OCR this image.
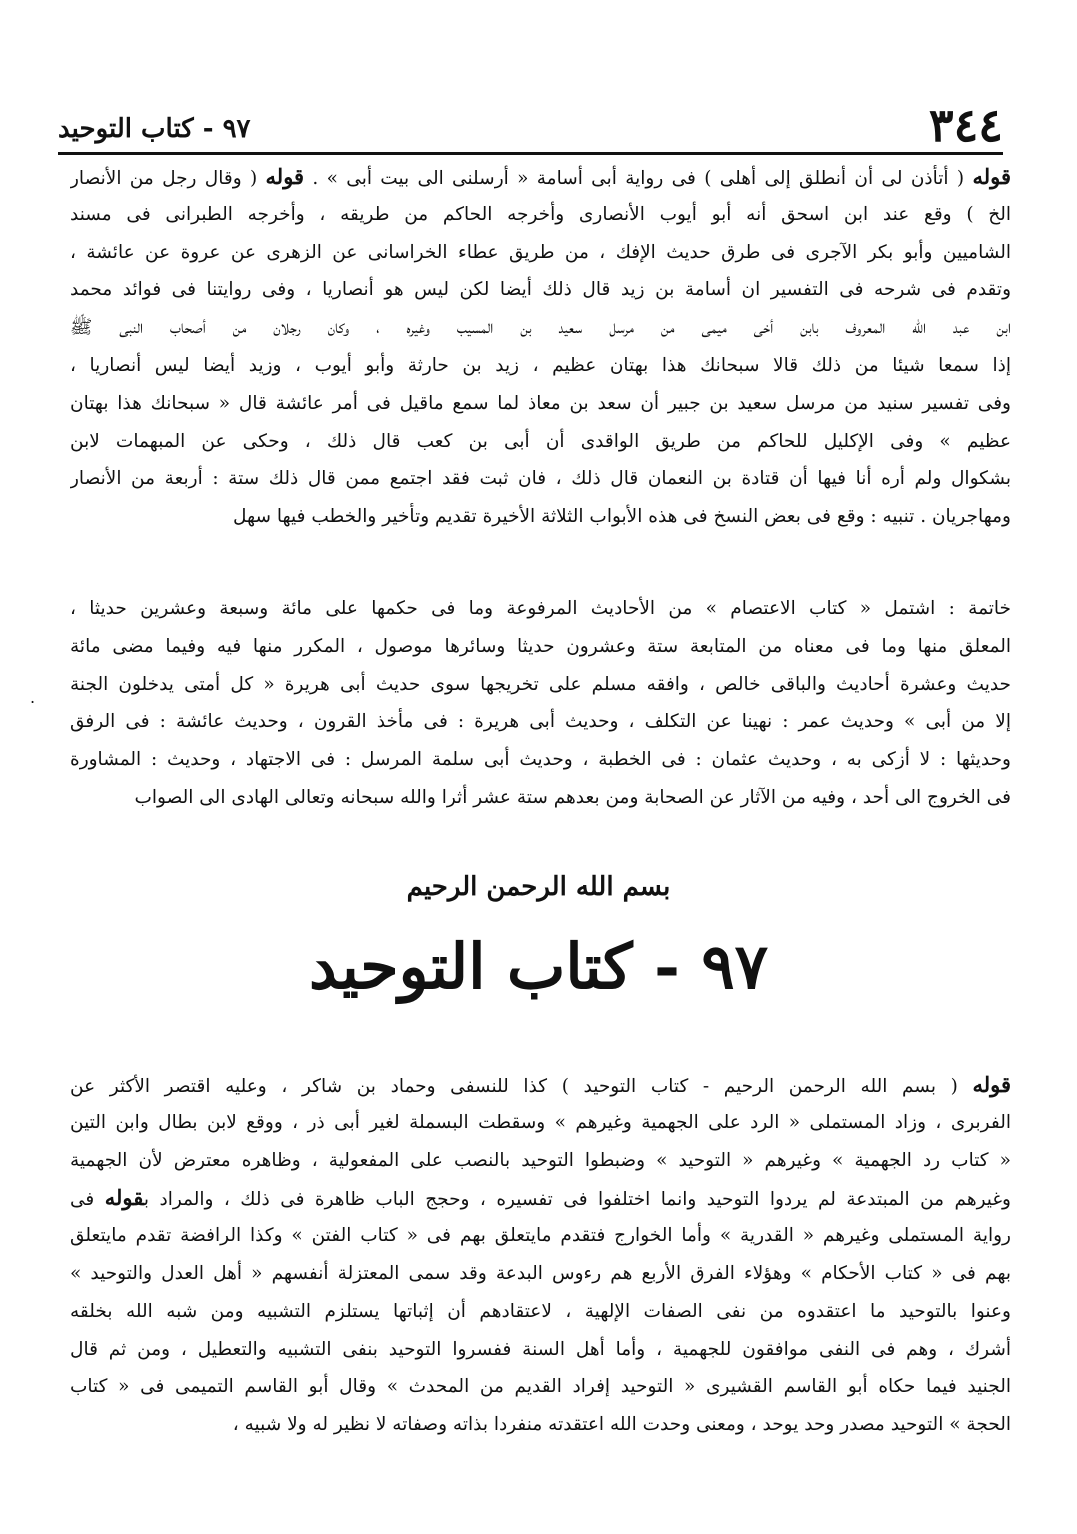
٣٤٤
٩٧ - كتاب التوحيد
قوله ( أتأذن لى أن أنطلق إلى أهلى ) فى رواية أبى أسامة « أرسلنى الى بيت أبى » . قوله ( وقال رجل من الأنصار
الخ ) وقع عند ابن اسحق أنه أبو أيوب الأنصارى وأخرجه الحاكم من طريقه ، وأخرجه الطبرانى فى مسند
الشاميين وأبو بكر الآجرى فى طرق حديث الإفك ، من طريق عطاء الخراسانى عن الزهرى عن عروة عن عائشة ،
وتقدم فى شرحه فى التفسير ان أسامة بن زيد قال ذلك أيضا لكن ليس هو أنصاريا ، وفى روايتنا فى فوائد محمد
ابن عبد الله المعروف بابن أخى ميمى من مرسل سعيد بن المسيب وغيره ، وكان رجلان من أصحاب النبى ﷺ
إذا سمعا شيئا من ذلك قالا سبحانك هذا بهتان عظيم ، زيد بن حارثة وأبو أيوب ، وزيد أيضا ليس أنصاريا ،
وفى تفسير سنيد من مرسل سعيد بن جبير أن سعد بن معاذ لما سمع ماقيل فى أمر عائشة قال « سبحانك هذا بهتان
عظيم » وفى الإكليل للحاكم من طريق الواقدى أن أبى بن كعب قال ذلك ، وحكى عن المبهمات لابن
بشكوال ولم أره أنا فيها أن قتادة بن النعمان قال ذلك ، فان ثبت فقد اجتمع ممن قال ذلك ستة : أربعة من الأنصار
ومهاجريان . تنبيه : وقع فى بعض النسخ فى هذه الأبواب الثلاثة الأخيرة تقديم وتأخير والخطب فيها سهل
خاتمة : اشتمل « كتاب الاعتصام » من الأحاديث المرفوعة وما فى حكمها على مائة وسبعة وعشرين حديثا ،
المعلق منها وما فى معناه من المتابعة ستة وعشرون حديثا وسائرها موصول ، المكرر منها فيه وفيما مضى مائة
حديث وعشرة أحاديث والباقى خالص ، وافقه مسلم على تخريجها سوى حديث أبى هريرة « كل أمتى يدخلون الجنة
إلا من أبى » وحديث عمر : نهينا عن التكلف ، وحديث أبى هريرة : فى مأخذ القرون ، وحديث عائشة : فى الرفق
وحديثها : لا أزكى به ، وحديث عثمان : فى الخطبة ، وحديث أبى سلمة المرسل : فى الاجتهاد ، وحديث : المشاورة
فى الخروج الى أحد ، وفيه من الآثار عن الصحابة ومن بعدهم ستة عشر أثرا والله سبحانه وتعالى الهادى الى الصواب
.
بسم الله الرحمن الرحيم
٩٧ - كتاب التوحيد
قوله ( بسم الله الرحمن الرحيم - كتاب التوحيد ) كذا للنسفى وحماد بن شاكر ، وعليه اقتصر الأكثر عن
الفربرى ، وزاد المستملى « الرد على الجهمية وغيرهم » وسقطت البسملة لغير أبى ذر ، ووقع لابن بطال وابن التين
« كتاب رد الجهمية » وغيرهم « التوحيد » وضبطوا التوحيد بالنصب على المفعولية ، وظاهره معترض لأن الجهمية
وغيرهم من المبتدعة لم يردوا التوحيد وانما اختلفوا فى تفسيره ، وحجج الباب ظاهرة فى ذلك ، والمراد بقوله فى
رواية المستملى وغيرهم « القدرية » وأما الخوارج فتقدم مايتعلق بهم فى « كتاب الفتن » وكذا الرافضة تقدم مايتعلق
بهم فى « كتاب الأحكام » وهؤلاء الفرق الأربع هم رءوس البدعة وقد سمى المعتزلة أنفسهم « أهل العدل والتوحيد »
وعنوا بالتوحيد ما اعتقدوه من نفى الصفات الإلهية ، لاعتقادهم أن إثباتها يستلزم التشبيه ومن شبه الله بخلقه
أشرك ، وهم فى النفى موافقون للجهمية ، وأما أهل السنة ففسروا التوحيد بنفى التشبيه والتعطيل ، ومن ثم قال
الجنيد فيما حكاه أبو القاسم القشيرى « التوحيد إفراد القديم من المحدث » وقال أبو القاسم التميمى فى « كتاب
الحجة » التوحيد مصدر وحد يوحد ، ومعنى وحدت الله اعتقدته منفردا بذاته وصفاته لا نظير له ولا شبيه ،
